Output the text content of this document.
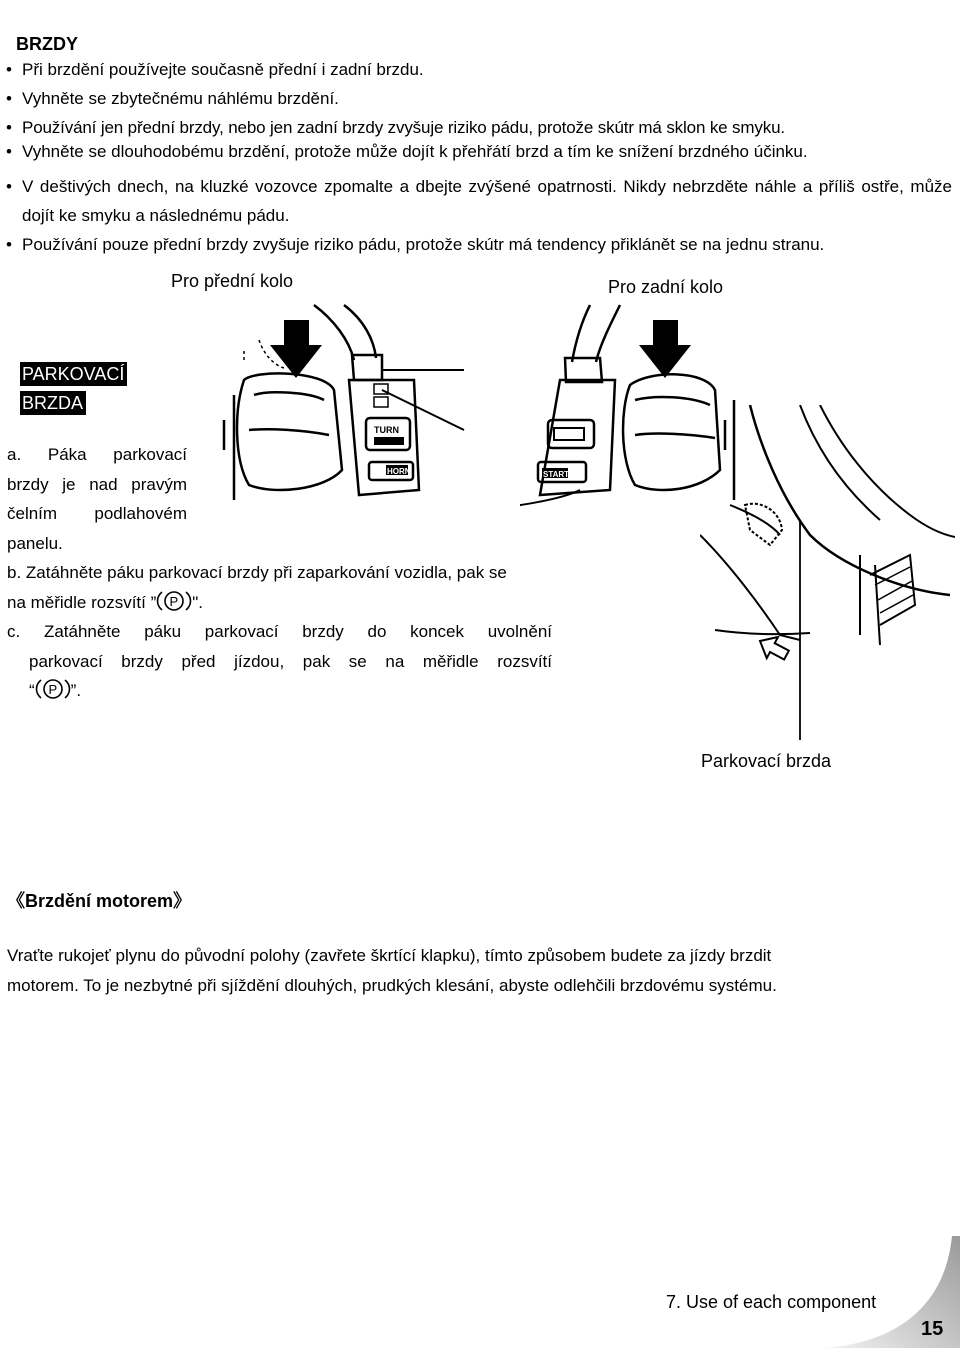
BRZDY
• Při brzdění používejte současně přední i zadní brzdu.
• Vyhněte se zbytečnému náhlému brzdění.
• Používání jen přední brzdy, nebo jen zadní brzdy zvyšuje riziko pádu, protože skútr má sklon ke smyku.
• Vyhněte se dlouhodobému brzdění, protože může dojít k přehřátí brzd a tím ke snížení brzdného účinku.
• V deštivých dnech, na kluzké vozovce zpomalte a dbejte zvýšené opatrnosti. Nikdy nebrzděte náhle a příliš ostře, může dojít ke smyku a následnému pádu.
• Používání pouze přední brzdy zvyšuje riziko pádu, protože skútr má tendency přiklánět se na jednu stranu.
Pro přední kolo	Pro zadní kolo
TURN
HORN	START
PARKOVACÍ
BRZDA
a. Páka parkovací
brzdy je nad pravým
čelním podlahovém
panelu.
b. Zatáhněte páku parkovací brzdy při zaparkování vozidla, pak se
na měřidle rozsvítí ” P ".
c. Zatáhněte páku parkovací brzdy do koncek uvolnění
parkovací brzdy před jízdou, pak se na měřidle rozsvítí
“ P ”.
Parkovací brzda
《Brzdění motorem》
Vraťte rukojeť plynu do původní polohy (zavřete škrtící klapku), tímto způsobem budete za jízdy brzdit
motorem. To je nezbytné při sjíždění dlouhých, prudkých klesání, abyste odlehčili brzdovému systému.
7. Use of each component
15
